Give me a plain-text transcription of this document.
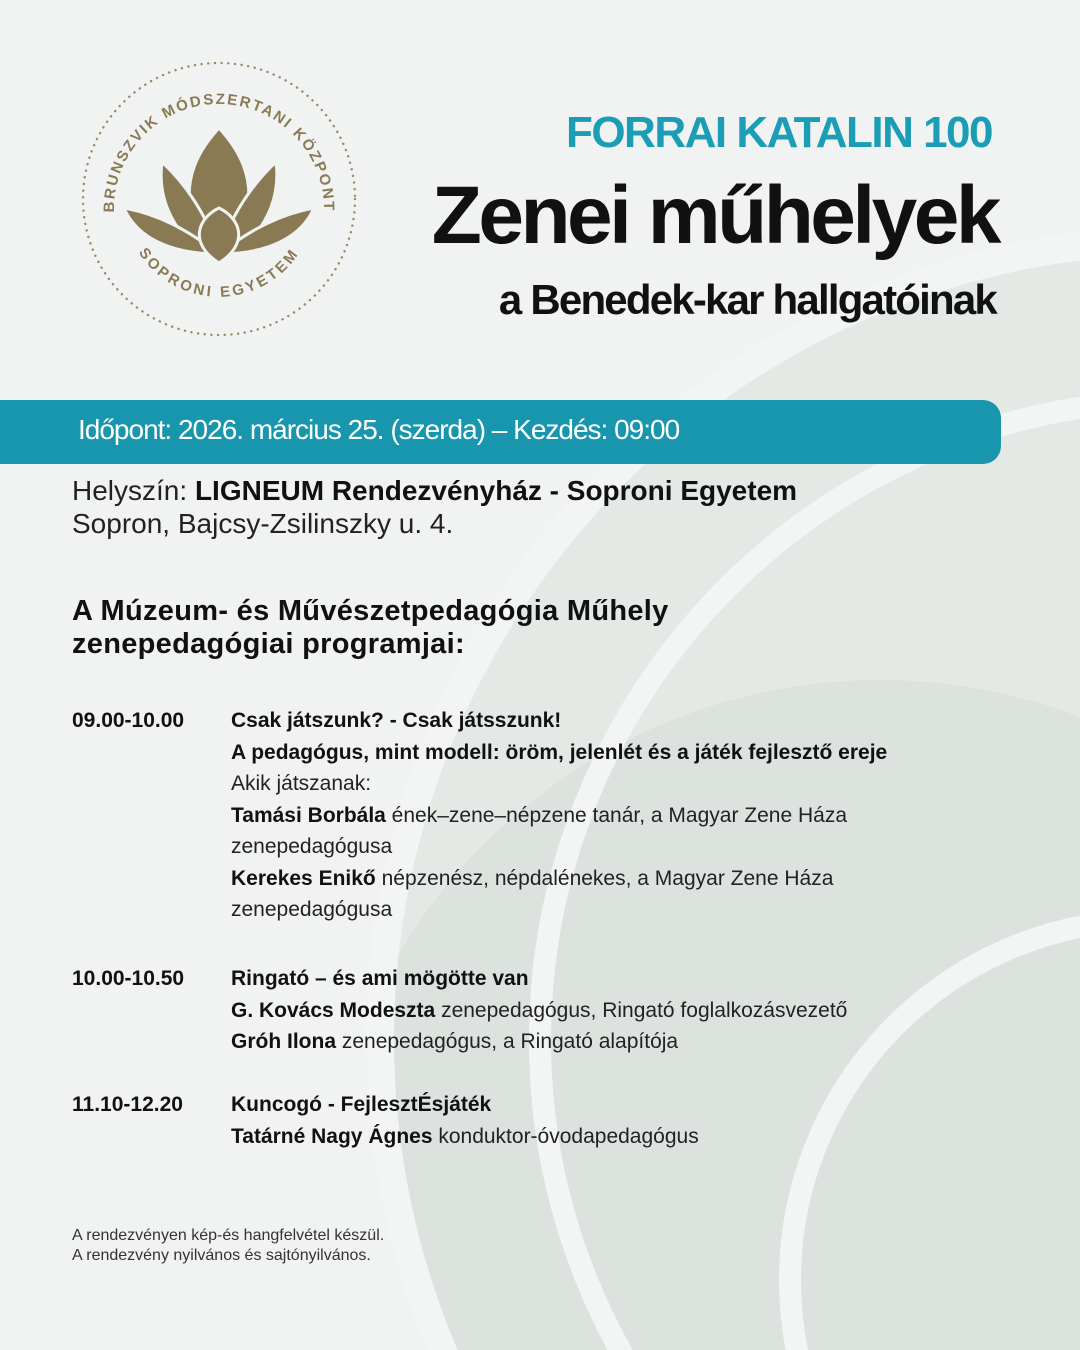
BRUNSZVIK MÓDSZERTANI KÖZPONT
SOPRONI EGYETEM
FORRAI KATALIN 100
Zenei műhelyek
a Benedek-kar hallgatóinak
Időpont: 2026. március 25. (szerda) – Kezdés: 09:00
Helyszín: LIGNEUM Rendezvényház - Soproni Egyetem
Sopron, Bajcsy-Zsilinszky u. 4.
A Múzeum- és Művészetpedagógia Műhely
zenepedagógiai programjai:
09.00-10.00 Csak játszunk? - Csak játsszunk!
A pedagógus, mint modell: öröm, jelenlét és a játék fejlesztő ereje
Akik játszanak:
Tamási Borbála ének–zene–népzene tanár, a Magyar Zene Háza zenepedagógusa
Kerekes Enikő népzenész, népdalénekes, a Magyar Zene Háza zenepedagógusa
10.00-10.50 Ringató – és ami mögötte van
G. Kovács Modeszta zenepedagógus, Ringató foglalkozásvezető
Gróh Ilona zenepedagógus, a Ringató alapítója
11.10-12.20 Kuncogó - FejlesztÉsjáték
Tatárné Nagy Ágnes konduktor-óvodapedagógus
A rendezvényen kép-és hangfelvétel készül.
A rendezvény nyilvános és sajtónyilvános.
